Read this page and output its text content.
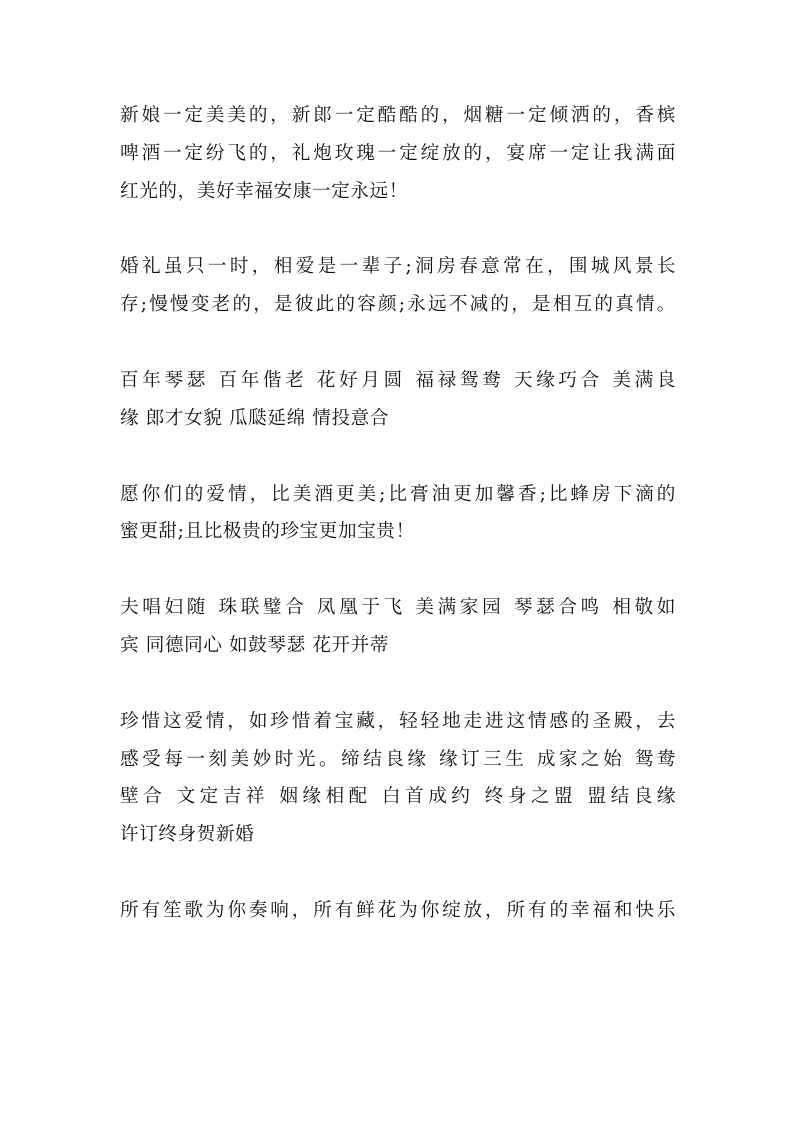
新娘一定美美的，新郎一定酷酷的，烟糖一定倾洒的，香槟
啤酒一定纷飞的，礼炮玫瑰一定绽放的，宴席一定让我满面
红光的，美好幸福安康一定永远！

婚礼虽只一时，相爱是一辈子;洞房春意常在，围城风景长
存;慢慢变老的，是彼此的容颜;永远不减的，是相互的真情。

百年琴瑟 百年偕老 花好月圆 福禄鸳鸯 天缘巧合 美满良
缘 郎才女貌 瓜瓞延绵 情投意合

愿你们的爱情，比美酒更美;比膏油更加馨香;比蜂房下滴的
蜜更甜;且比极贵的珍宝更加宝贵！

夫唱妇随 珠联璧合 凤凰于飞 美满家园 琴瑟合鸣 相敬如
宾 同德同心 如鼓琴瑟 花开并蒂

珍惜这爱情，如珍惜着宝藏，轻轻地走进这情感的圣殿，去
感受每一刻美妙时光。缔结良缘 缘订三生 成家之始 鸳鸯
壁合 文定吉祥 姻缘相配 白首成约 终身之盟 盟结良缘
许订终身贺新婚

所有笙歌为你奏响，所有鲜花为你绽放，所有的幸福和快乐
